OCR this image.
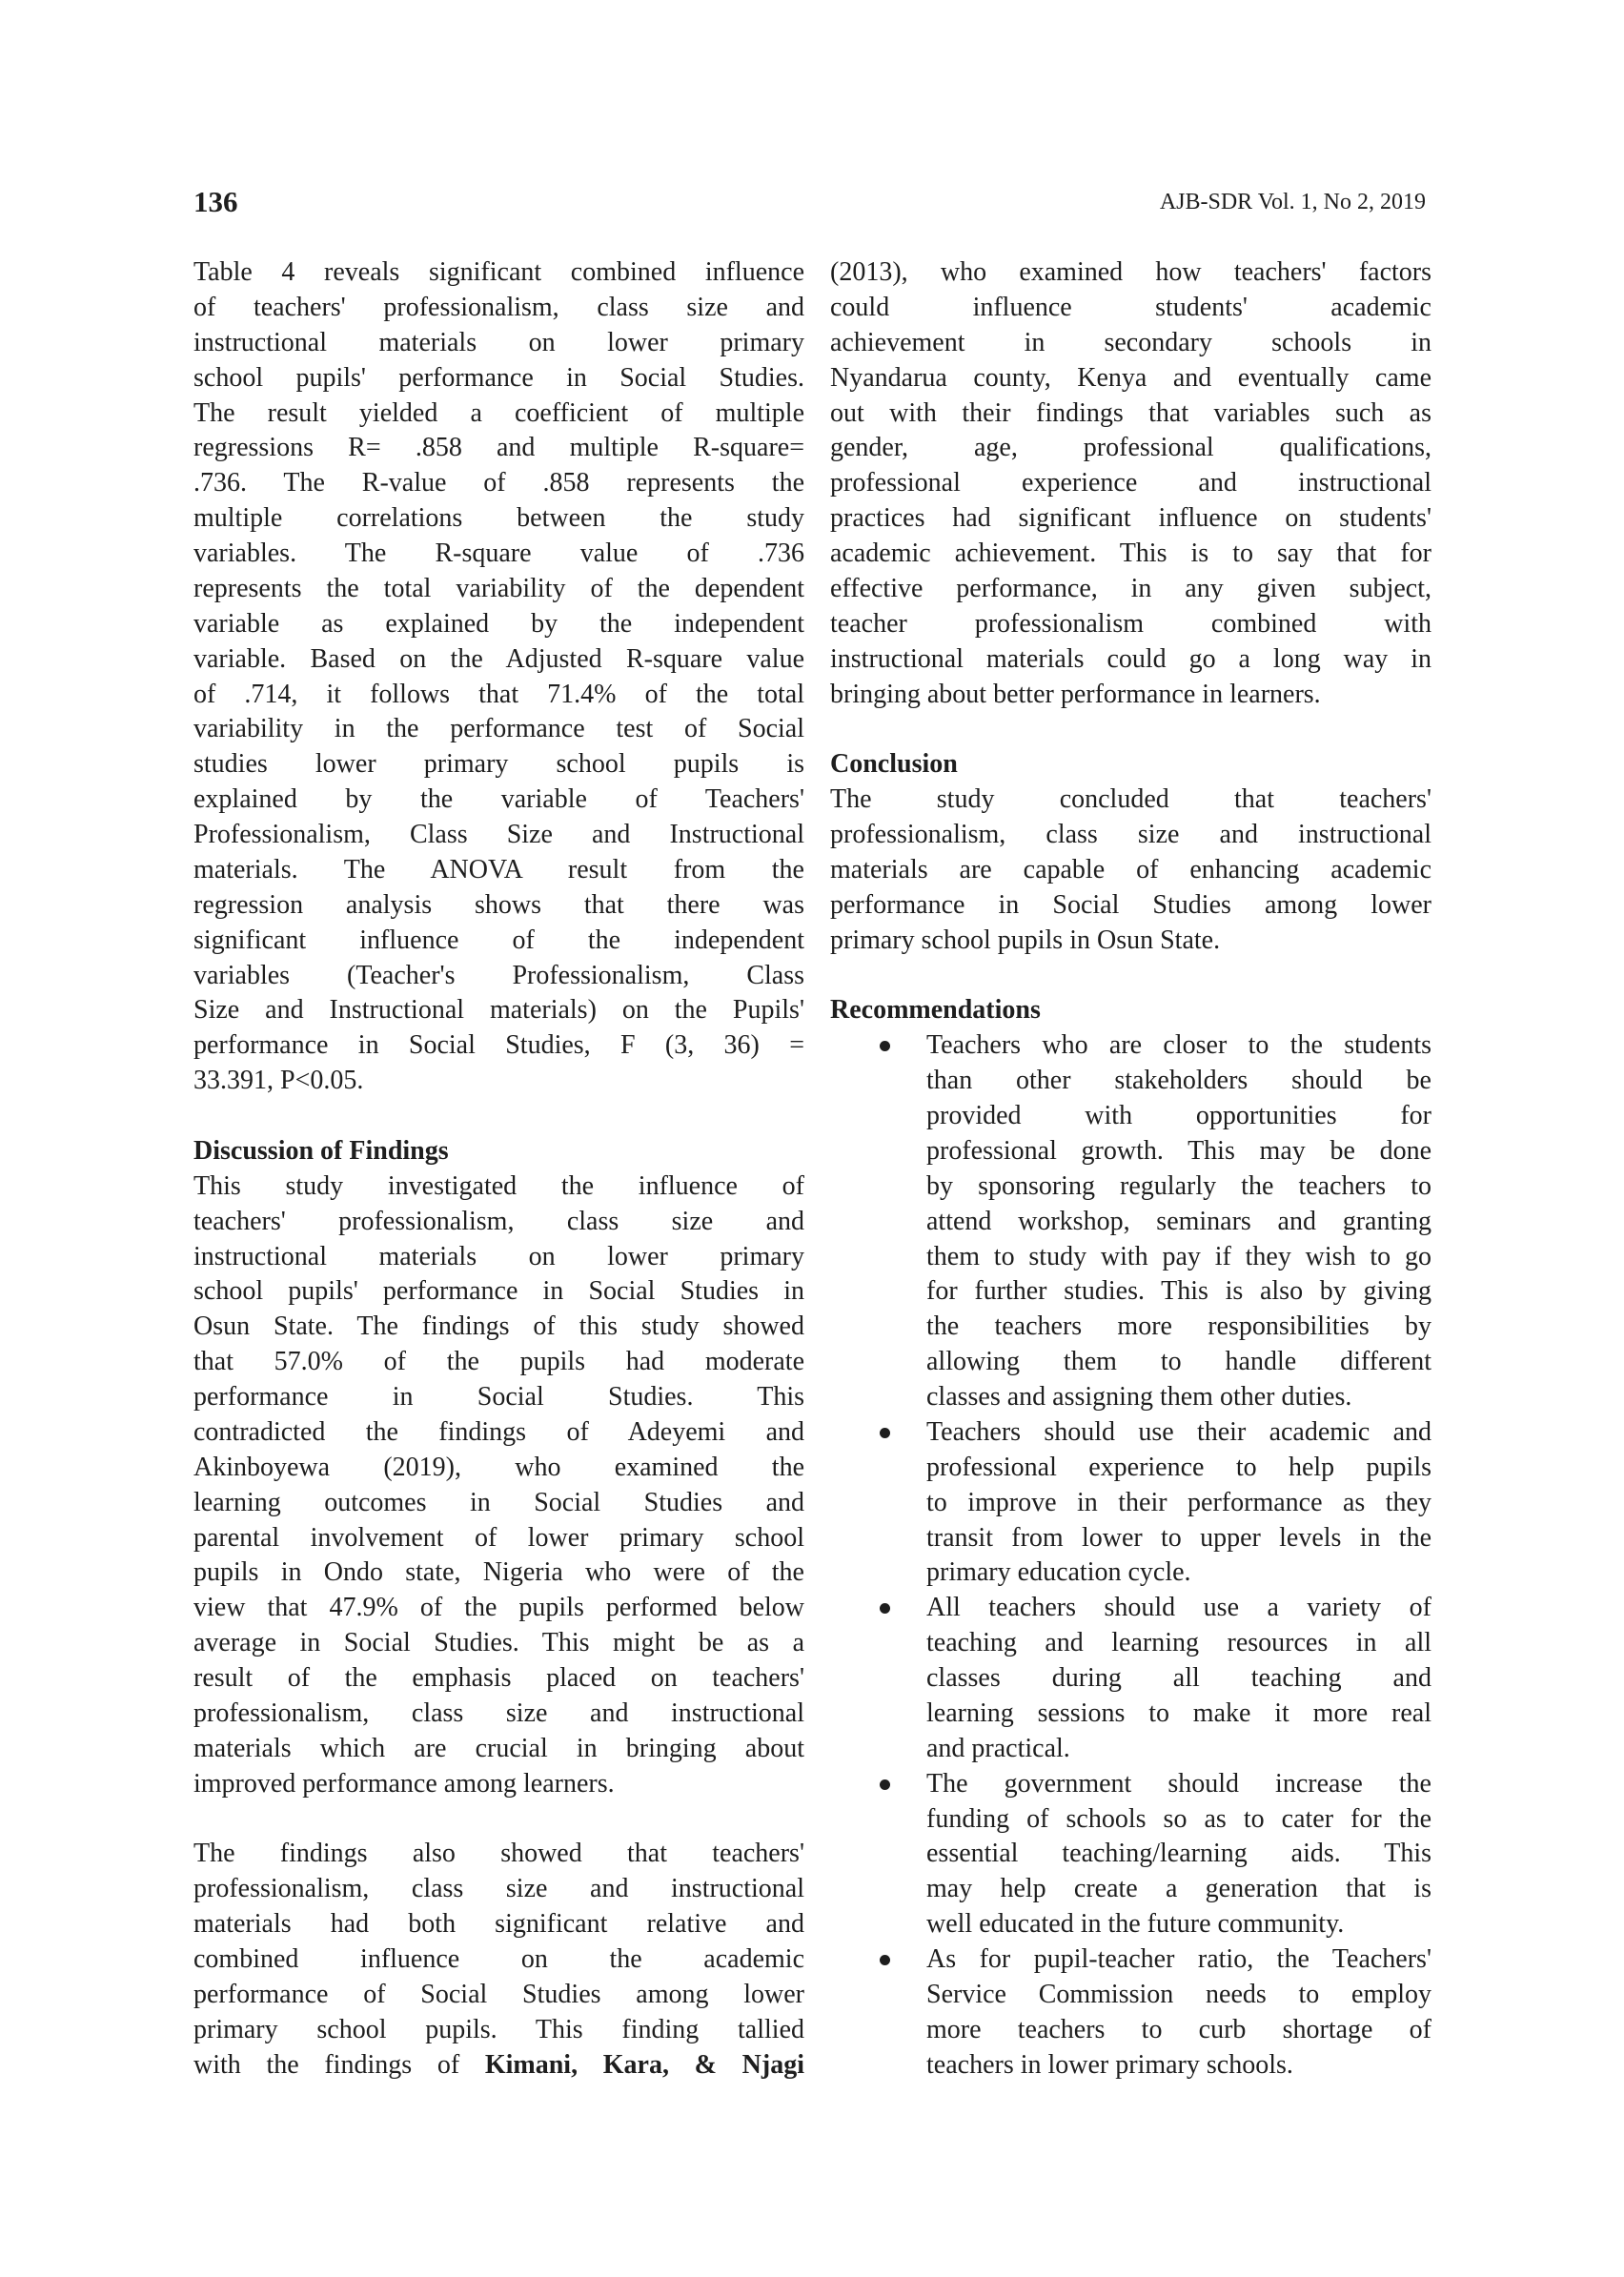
136	AJB-SDR Vol. 1, No 2, 2019
Table 4 reveals significant combined influence
of teachers' professionalism, class size and
instructional materials on lower primary
school pupils' performance in Social Studies.
The result yielded a coefficient of multiple
regressions R= .858 and multiple R-square=
.736. The R-value of .858 represents the
multiple correlations between the study
variables. The R-square value of .736
represents the total variability of the dependent
variable as explained by the independent
variable. Based on the Adjusted R-square value
of .714, it follows that 71.4% of the total
variability in the performance test of Social
studies lower primary school pupils is
explained by the variable of Teachers'
Professionalism, Class Size and Instructional
materials. The ANOVA result from the
regression analysis shows that there was
significant influence of the independent
variables (Teacher's Professionalism, Class
Size and Instructional materials) on the Pupils'
performance in Social Studies, F (3, 36) =
33.391, P<0.05.
Discussion of Findings
This study investigated the influence of
teachers' professionalism, class size and
instructional materials on lower primary
school pupils' performance in Social Studies in
Osun State. The findings of this study showed
that 57.0% of the pupils had moderate
performance in Social Studies. This
contradicted the findings of Adeyemi and
Akinboyewa (2019), who examined the
learning outcomes in Social Studies and
parental involvement of lower primary school
pupils in Ondo state, Nigeria who were of the
view that 47.9% of the pupils performed below
average in Social Studies. This might be as a
result of the emphasis placed on teachers'
professionalism, class size and instructional
materials which are crucial in bringing about
improved performance among learners.
The findings also showed that teachers'
professionalism, class size and instructional
materials had both significant relative and
combined influence on the academic
performance of Social Studies among lower
primary school pupils. This finding tallied
with the findings of Kimani, Kara, & Njagi
(2013), who examined how teachers' factors
could influence students' academic
achievement in secondary schools in
Nyandarua county, Kenya and eventually came
out with their findings that variables such as
gender, age, professional qualifications,
professional experience and instructional
practices had significant influence on students'
academic achievement. This is to say that for
effective performance, in any given subject,
teacher professionalism combined with
instructional materials could go a long way in
bringing about better performance in learners.
Conclusion
The study concluded that teachers'
professionalism, class size and instructional
materials are capable of enhancing academic
performance in Social Studies among lower
primary school pupils in Osun State.
Recommendations
Teachers who are closer to the students
than other stakeholders should be
provided with opportunities for
professional growth. This may be done
by sponsoring regularly the teachers to
attend workshop, seminars and granting
them to study with pay if they wish to go
for further studies. This is also by giving
the teachers more responsibilities by
allowing them to handle different
classes and assigning them other duties.
Teachers should use their academic and
professional experience to help pupils
to improve in their performance as they
transit from lower to upper levels in the
primary education cycle.
All teachers should use a variety of
teaching and learning resources in all
classes during all teaching and
learning sessions to make it more real
and practical.
The government should increase the
funding of schools so as to cater for the
essential teaching/learning aids. This
may help create a generation that is
well educated in the future community.
As for pupil-teacher ratio, the Teachers'
Service Commission needs to employ
more teachers to curb shortage of
teachers in lower primary schools.
